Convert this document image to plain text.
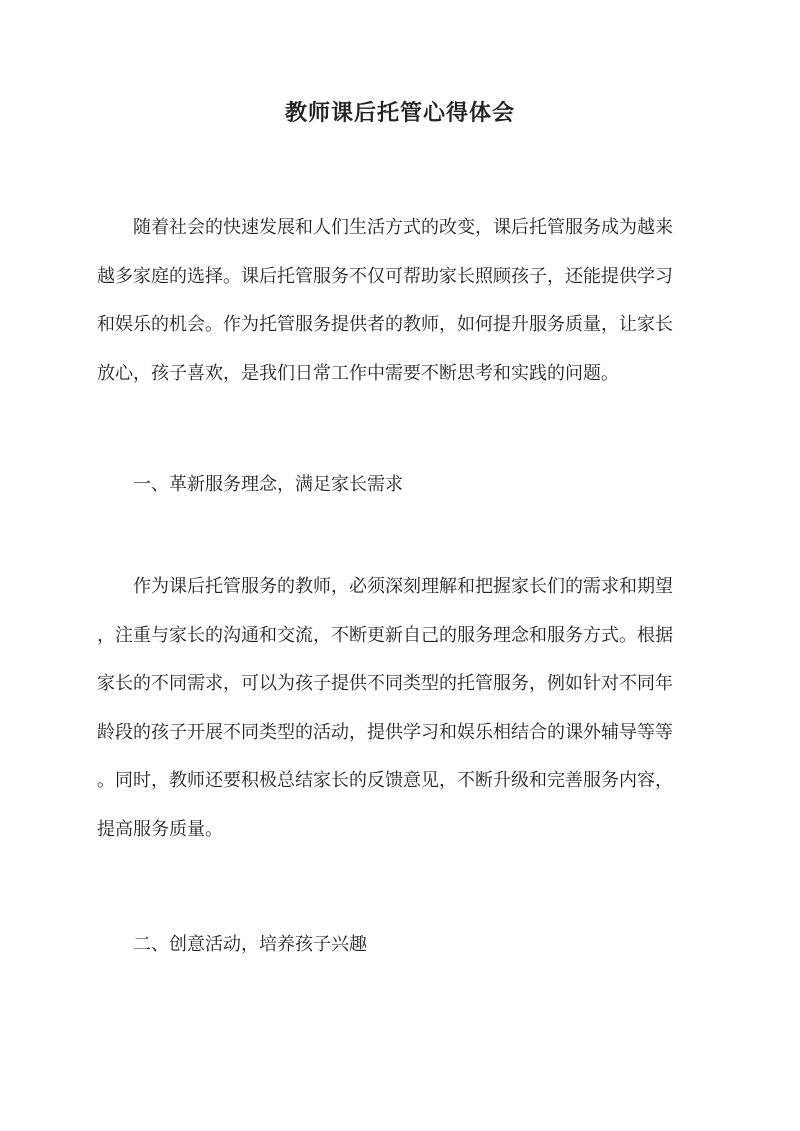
教师课后托管心得体会
随着社会的快速发展和人们生活方式的改变，课后托管服务成为越来
越多家庭的选择。课后托管服务不仅可帮助家长照顾孩子，还能提供学习
和娱乐的机会。作为托管服务提供者的教师，如何提升服务质量，让家长
放心，孩子喜欢，是我们日常工作中需要不断思考和实践的问题。
一、革新服务理念，满足家长需求
作为课后托管服务的教师，必须深刻理解和把握家长们的需求和期望
，注重与家长的沟通和交流，不断更新自己的服务理念和服务方式。根据
家长的不同需求，可以为孩子提供不同类型的托管服务，例如针对不同年
龄段的孩子开展不同类型的活动，提供学习和娱乐相结合的课外辅导等等
。同时，教师还要积极总结家长的反馈意见，不断升级和完善服务内容，
提高服务质量。
二、创意活动，培养孩子兴趣
